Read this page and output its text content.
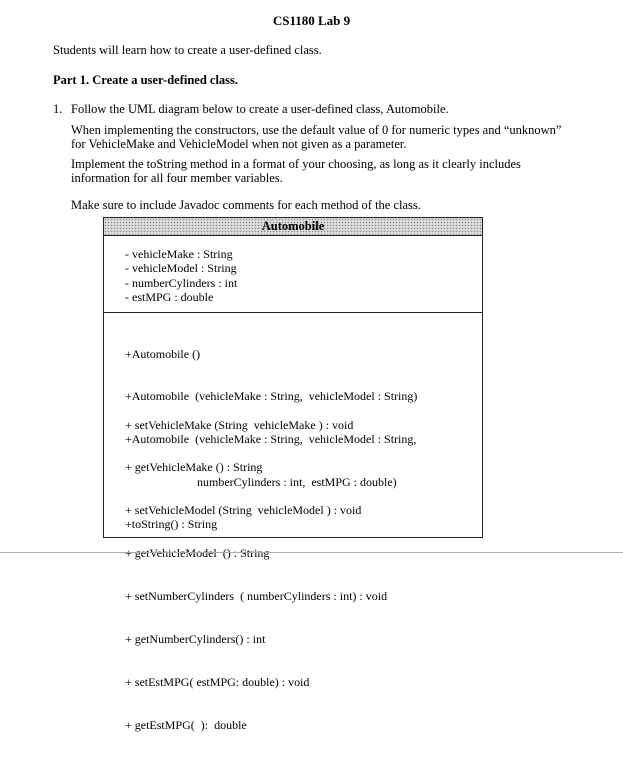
CS1180 Lab 9
Students will learn how to create a user-defined class.
Part 1. Create a user-defined class.
1. Follow the UML diagram below to create a user-defined class, Automobile.
When implementing the constructors, use the default value of 0 for numeric types and “unknown”
for VehicleMake and VehicleModel when not given as a parameter.
Implement the toString method in a format of your choosing, as long as it clearly includes
information for all four member variables.
Make sure to include Javadoc comments for each method of the class.
Automobile
- vehicleMake : String
- vehicleModel : String
- numberCylinders : int
- estMPG : double

+Automobile ()

+Automobile  (vehicleMake : String,  vehicleModel : String)

+Automobile  (vehicleMake : String,  vehicleModel : String,

numberCylinders : int,  estMPG : double)

+ setVehicleMake (String  vehicleMake ) : void

+ getVehicleMake () : String

+ setVehicleModel (String  vehicleModel ) : void

+ getVehicleModel  () : String

+ setNumberCylinders  ( numberCylinders : int) : void

+ getNumberCylinders() : int

+ setEstMPG( estMPG: double) : void

+ getEstMPG(  ):  double

+toString() : String
